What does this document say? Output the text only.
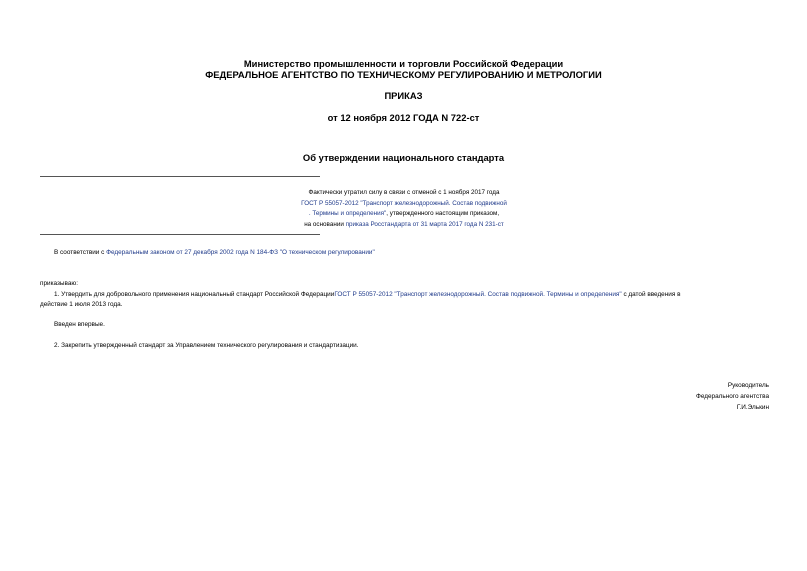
Министерство промышленности и торговли Российской Федерации
ФЕДЕРАЛЬНОЕ АГЕНТСТВО ПО ТЕХНИЧЕСКОМУ РЕГУЛИРОВАНИЮ И МЕТРОЛОГИИ
ПРИКАЗ
от 12 ноября 2012 ГОДА N 722-ст
Об утверждении национального стандарта
Фактически утратил силу в связи с отменой с 1 ноября 2017 года
ГОСТ Р 55057-2012 "Транспорт железнодорожный. Состав подвижной
. Термины и определения", утвержденного настоящим приказом,
на основании приказа Росстандарта от 31 марта 2017 года N 231-ст
В соответствии с Федеральным законом от 27 декабря 2002 года N 184-ФЗ "О техническом регулировании"
приказываю:
1. Утвердить для добровольного применения национальный стандарт Российской ФедерацииГОСТ Р 55057-2012 "Транспорт железнодорожный. Состав подвижной. Термины и определения" с датой введения в
действие 1 июля 2013 года.
Введен впервые.
2. Закрепить утвержденный стандарт за Управлением технического регулирования и стандартизации.
Руководитель
Федерального агентства
Г.И.Элькин
